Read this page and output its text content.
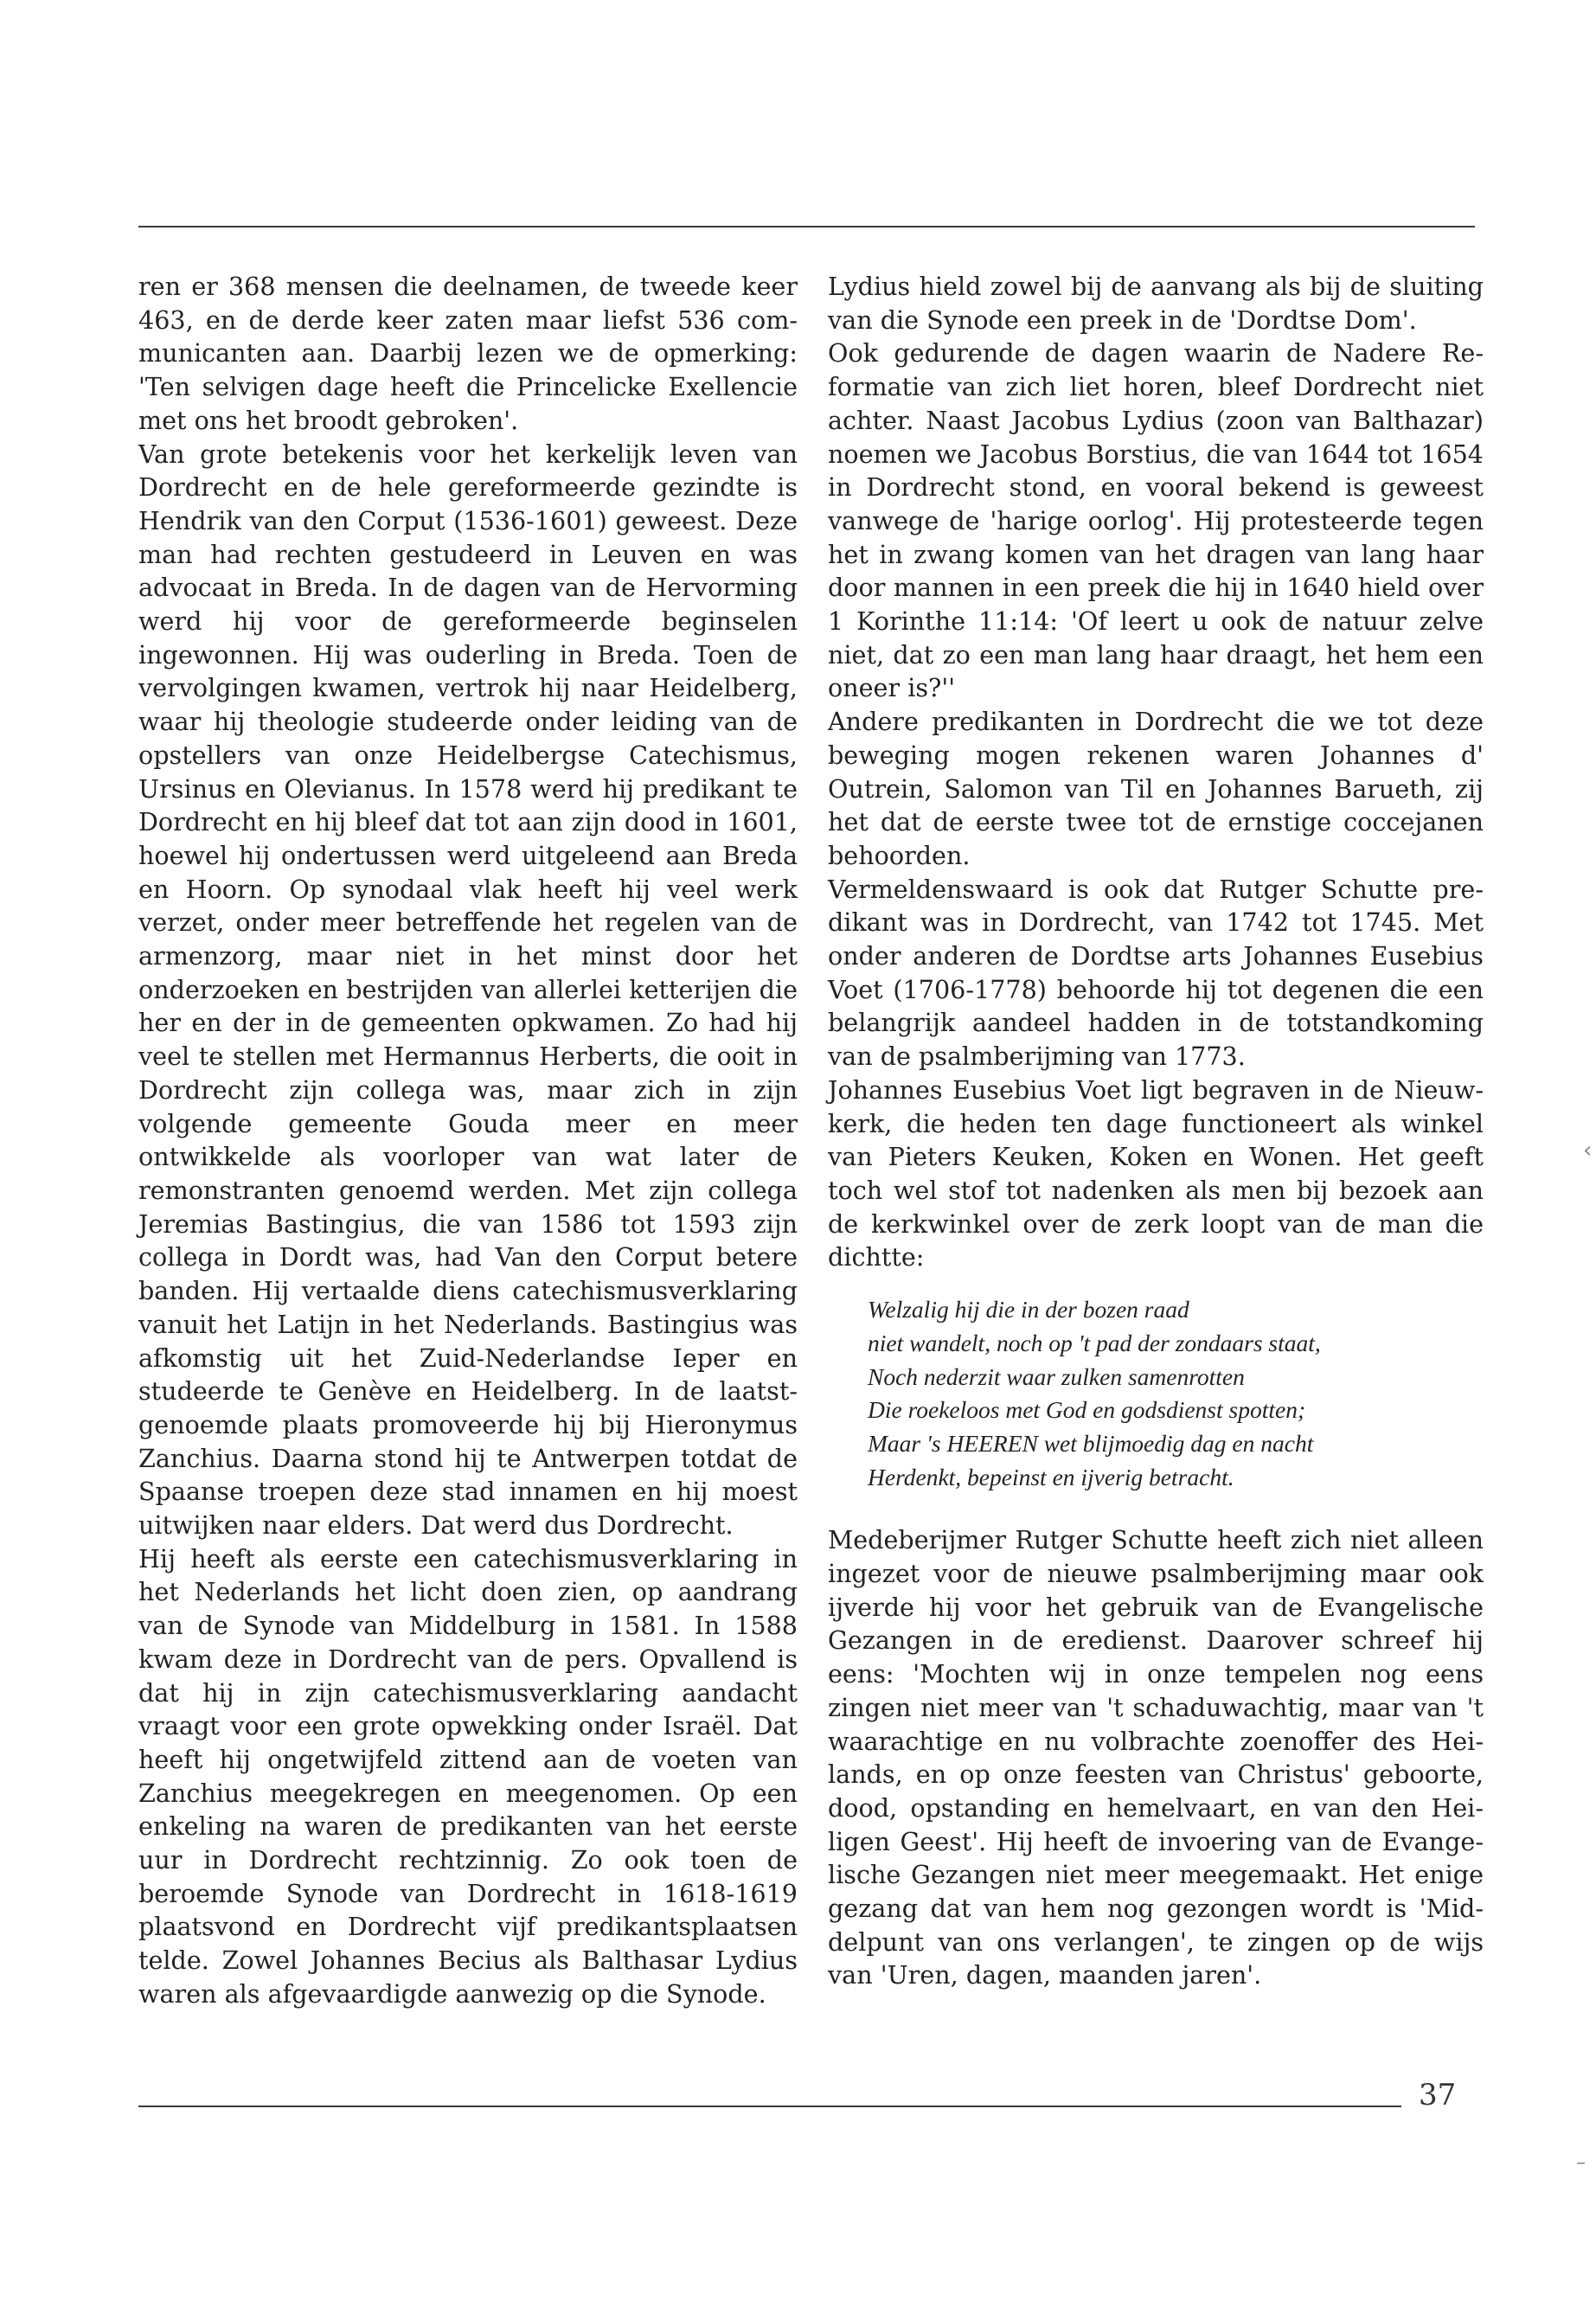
ren er 368 mensen die deelnamen, de tweede keer 463, en de derde keer zaten maar liefst 536 communicanten aan. Daarbij lezen we de opmerking: 'Ten selvigen dage heeft die Princelicke Exellencie met ons het broodt gebroken'.

Van grote betekenis voor het kerkelijk leven van Dordrecht en de hele gereformeerde gezindte is Hendrik van den Corput (1536-1601) geweest. Deze man had rechten gestudeerd in Leuven en was advocaat in Breda. In de dagen van de Hervorming werd hij voor de gereformeerde beginselen ingewonnen. Hij was ouderling in Breda. Toen de vervolgingen kwamen, vertrok hij naar Heidelberg, waar hij theologie studeerde onder leiding van de opstellers van onze Heidelbergse Catechismus, Ursinus en Olevianus. In 1578 werd hij predikant te Dordrecht en hij bleef dat tot aan zijn dood in 1601, hoewel hij ondertussen werd uitgeleend aan Breda en Hoorn. Op synodaal vlak heeft hij veel werk verzet, onder meer betreffende het regelen van de armenzorg, maar niet in het minst door het onderzoeken en bestrijden van allerlei ketterijen die her en der in de gemeenten opkwamen. Zo had hij veel te stellen met Hermannus Herberts, die ooit in Dordrecht zijn collega was, maar zich in zijn volgende gemeente Gouda meer en meer ontwikkelde als voorloper van wat later de remonstranten genoemd werden. Met zijn collega Jeremias Bastingius, die van 1586 tot 1593 zijn collega in Dordt was, had Van den Corput betere banden. Hij vertaalde diens catechismusverklaring vanuit het Latijn in het Nederlands. Bastingius was afkomstig uit het Zuid-Nederlandse Ieper en studeerde te Genève en Heidelberg. In de laatstgenoemde plaats promoveerde hij bij Hieronymus Zanchius. Daarna stond hij te Antwerpen totdat de Spaanse troepen deze stad innamen en hij moest uitwijken naar elders. Dat werd dus Dordrecht.

Hij heeft als eerste een catechismusverklaring in het Nederlands het licht doen zien, op aandrang van de Synode van Middelburg in 1581. In 1588 kwam deze in Dordrecht van de pers. Opvallend is dat hij in zijn catechismusverklaring aandacht vraagt voor een grote opwekking onder Israël. Dat heeft hij ongetwijfeld zittend aan de voeten van Zanchius meegekregen en meegenomen. Op een enkeling na waren de predikanten van het eerste uur in Dordrecht rechtzinnig. Zo ook toen de beroemde Synode van Dordrecht in 1618-1619 plaatsvond en Dordrecht vijf predikantsplaatsen telde. Zowel Johannes Becius als Balthasar Lydius waren als afgevaardigde aanwezig op die Synode.

Lydius hield zowel bij de aanvang als bij de sluiting van die Synode een preek in de 'Dordtse Dom'.

Ook gedurende de dagen waarin de Nadere Reformatie van zich liet horen, bleef Dordrecht niet achter. Naast Jacobus Lydius (zoon van Balthazar) noemen we Jacobus Borstius, die van 1644 tot 1654 in Dordrecht stond, en vooral bekend is geweest vanwege de 'harige oorlog'. Hij protesteerde tegen het in zwang komen van het dragen van lang haar door mannen in een preek die hij in 1640 hield over 1 Korinthe 11:14: 'Of leert u ook de natuur zelve niet, dat zo een man lang haar draagt, het hem een oneer is?''

Andere predikanten in Dordrecht die we tot deze beweging mogen rekenen waren Johannes d' Outrein, Salomon van Til en Johannes Barueth, zij het dat de eerste twee tot de ernstige coccejanen behoorden.

Vermeldenswaard is ook dat Rutger Schutte predikant was in Dordrecht, van 1742 tot 1745. Met onder anderen de Dordtse arts Johannes Eusebius Voet (1706-1778) behoorde hij tot degenen die een belangrijk aandeel hadden in de totstandkoming van de psalmberijming van 1773.

Johannes Eusebius Voet ligt begraven in de Nieuwkerk, die heden ten dage functioneert als winkel van Pieters Keuken, Koken en Wonen. Het geeft toch wel stof tot nadenken als men bij bezoek aan de kerkwinkel over de zerk loopt van de man die dichtte:

Welzalig hij die in der bozen raad
niet wandelt, noch op 't pad der zondaars staat,
Noch nederzit waar zulken samenrotten
Die roekeloos met God en godsdienst spotten;
Maar 's HEEREN wet blijmoedig dag en nacht
Herdenkt, bepeinst en ijverig betracht.

Medeberijmer Rutger Schutte heeft zich niet alleen ingezet voor de nieuwe psalmberijming maar ook ijverde hij voor het gebruik van de Evangelische Gezangen in de eredienst. Daarover schreef hij eens: 'Mochten wij in onze tempelen nog eens zingen niet meer van 't schaduwachtig, maar van 't waarachtige en nu volbrachte zoenoffer des Heilands, en op onze feesten van Christus' geboorte, dood, opstanding en hemelvaart, en van den Heiligen Geest'. Hij heeft de invoering van de Evangelische Gezangen niet meer meegemaakt. Het enige gezang dat van hem nog gezongen wordt is 'Middelpunt van ons verlangen', te zingen op de wijs van 'Uren, dagen, maanden jaren'.

37
‹
–
